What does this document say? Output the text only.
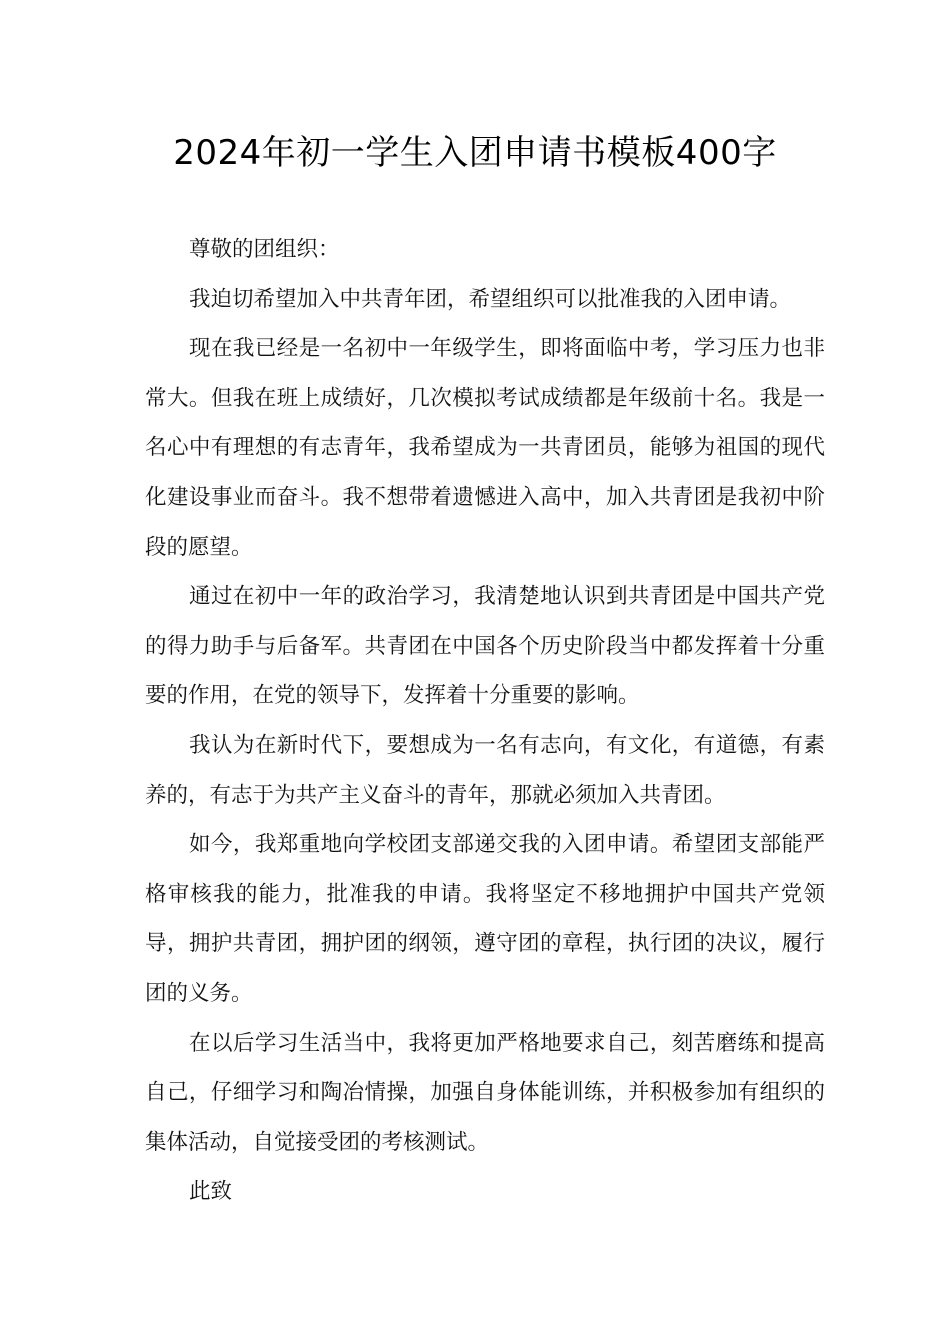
2024年初一学生入团申请书模板400字

尊敬的团组织：

我迫切希望加入中共青年团，希望组织可以批准我的入团申请。

现在我已经是一名初中一年级学生，即将面临中考，学习压力也非常大。但我在班上成绩好，几次模拟考试成绩都是年级前十名。我是一名心中有理想的有志青年，我希望成为一共青团员，能够为祖国的现代化建设事业而奋斗。我不想带着遗憾进入高中，加入共青团是我初中阶段的愿望。

通过在初中一年的政治学习，我清楚地认识到共青团是中国共产党的得力助手与后备军。共青团在中国各个历史阶段当中都发挥着十分重要的作用，在党的领导下，发挥着十分重要的影响。

我认为在新时代下，要想成为一名有志向，有文化，有道德，有素养的，有志于为共产主义奋斗的青年，那就必须加入共青团。

如今，我郑重地向学校团支部递交我的入团申请。希望团支部能严格审核我的能力，批准我的申请。我将坚定不移地拥护中国共产党领导，拥护共青团，拥护团的纲领，遵守团的章程，执行团的决议，履行团的义务。

在以后学习生活当中，我将更加严格地要求自己，刻苦磨练和提高自己，仔细学习和陶冶情操，加强自身体能训练，并积极参加有组织的集体活动，自觉接受团的考核测试。

此致
